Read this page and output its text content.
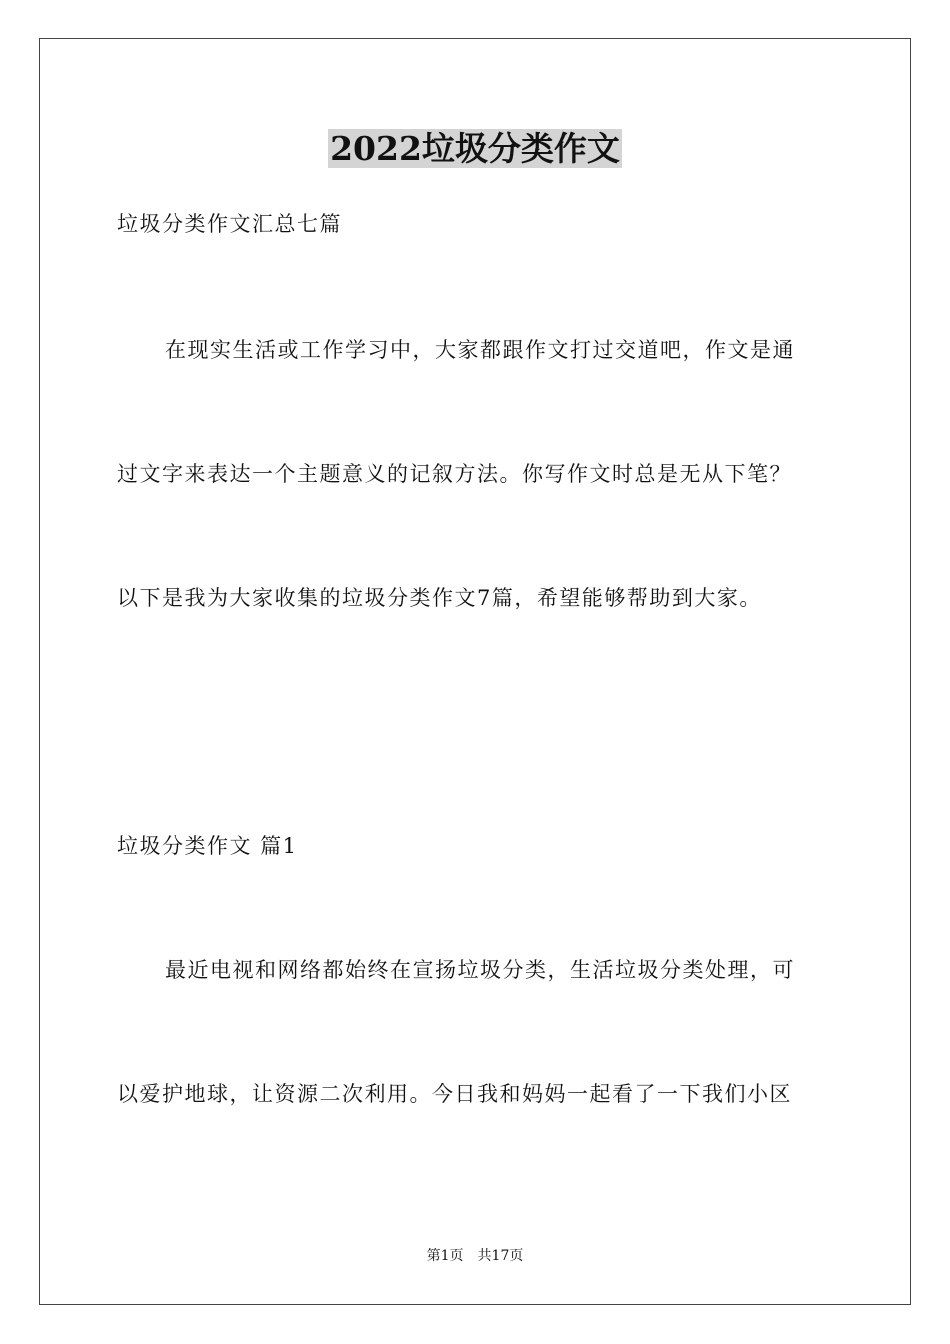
2022垃圾分类作文
垃圾分类作文汇总七篇
在现实生活或工作学习中，大家都跟作文打过交道吧，作文是通
过文字来表达一个主题意义的记叙方法。你写作文时总是无从下笔？
以下是我为大家收集的垃圾分类作文7篇，希望能够帮助到大家。
垃圾分类作文 篇1
最近电视和网络都始终在宣扬垃圾分类，生活垃圾分类处理，可
以爱护地球，让资源二次利用。今日我和妈妈一起看了一下我们小区
第1页 共17页
